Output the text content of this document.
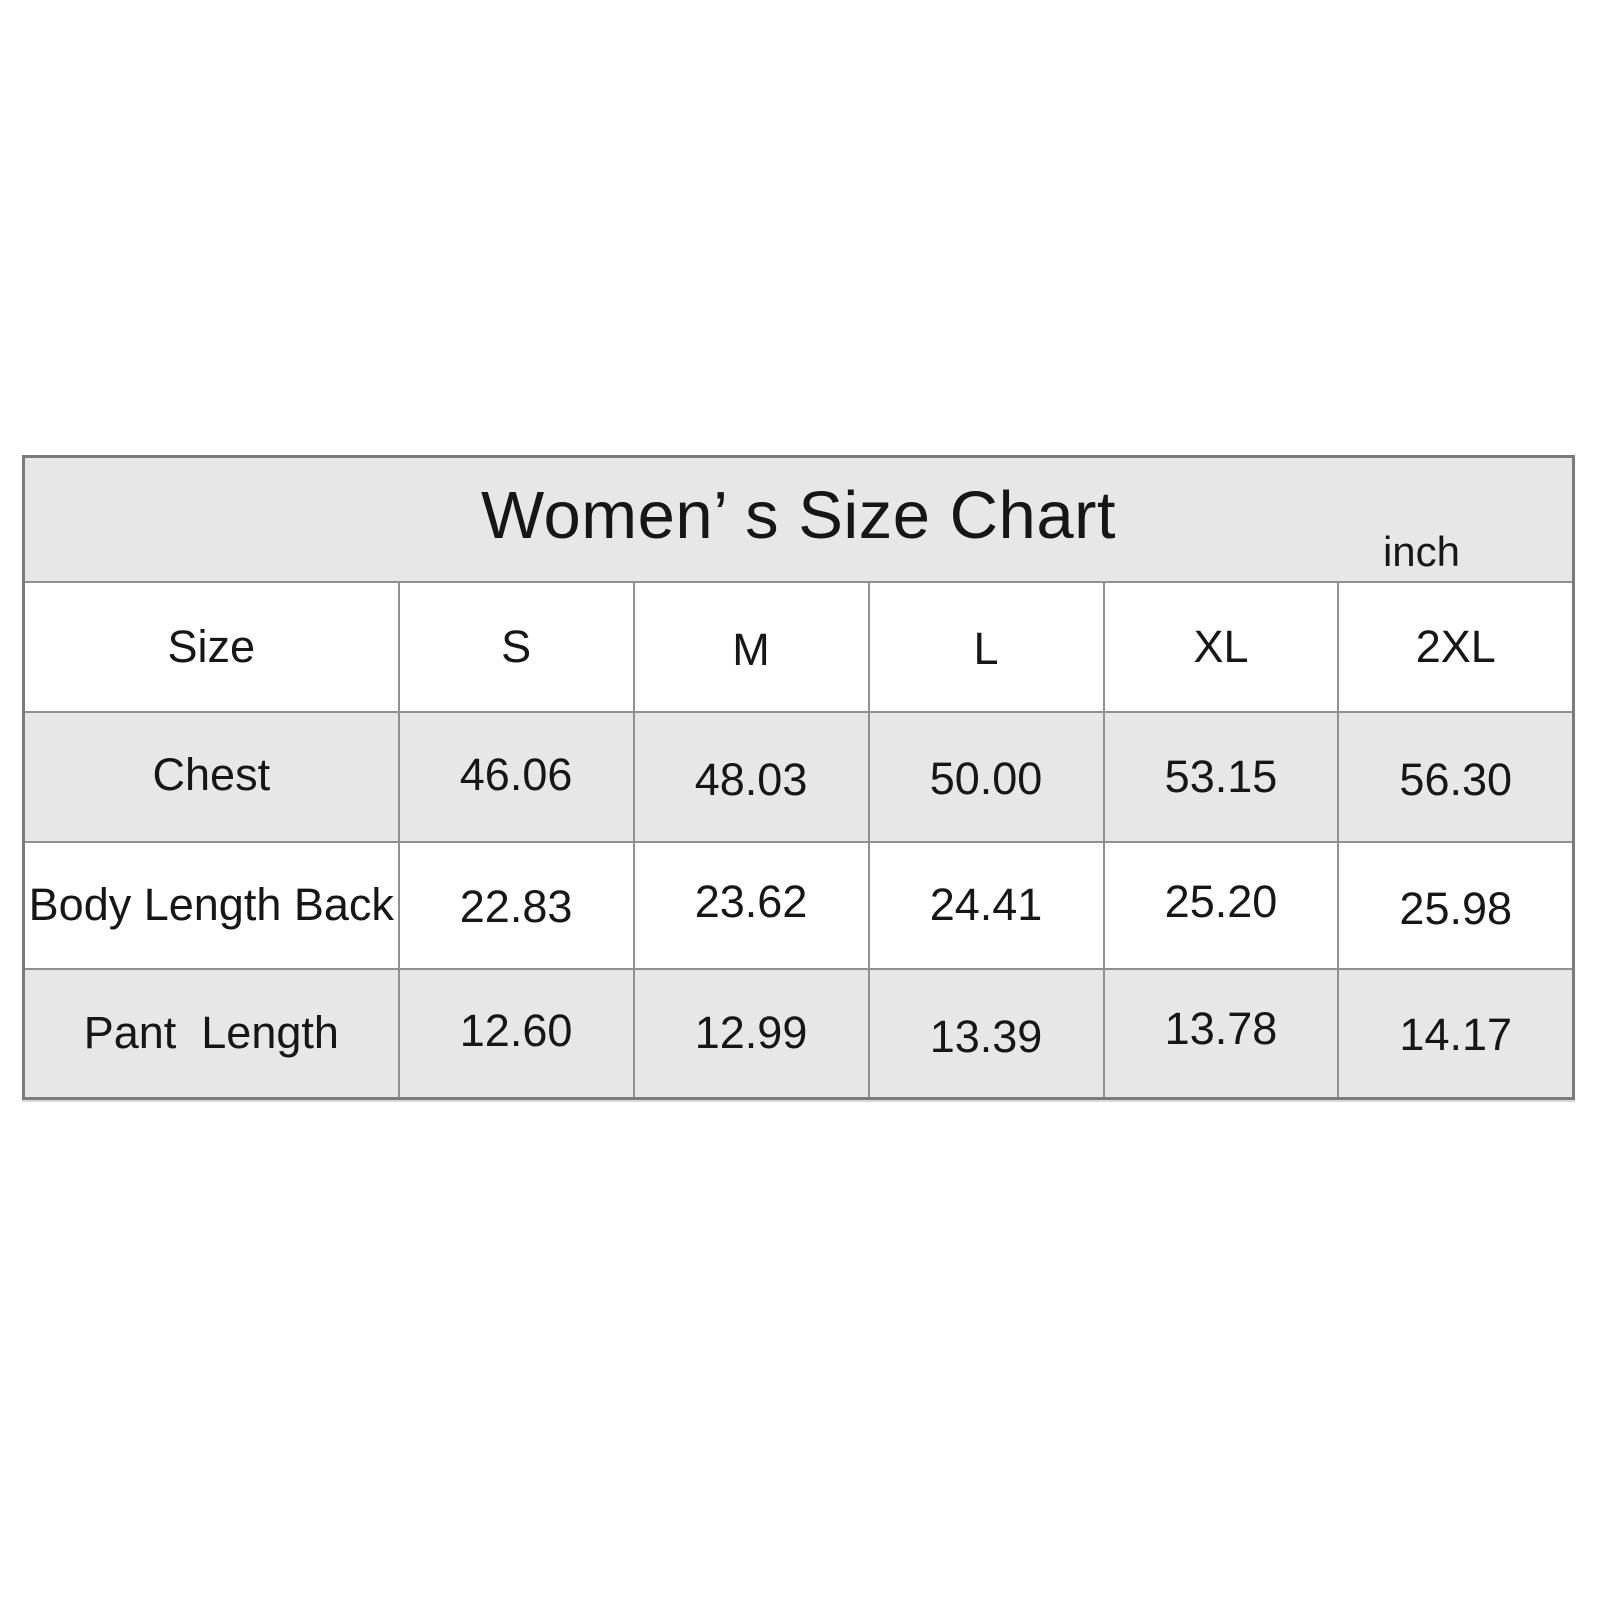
Women’ s Size Chart inch					

Size	S	M	L	XL	2XL
Chest	46.06	48.03	50.00	53.15	56.30
Body Length Back	22.83	23.62	24.41	25.20	25.98
Pant  Length	12.60	12.99	13.39	13.78	14.17
